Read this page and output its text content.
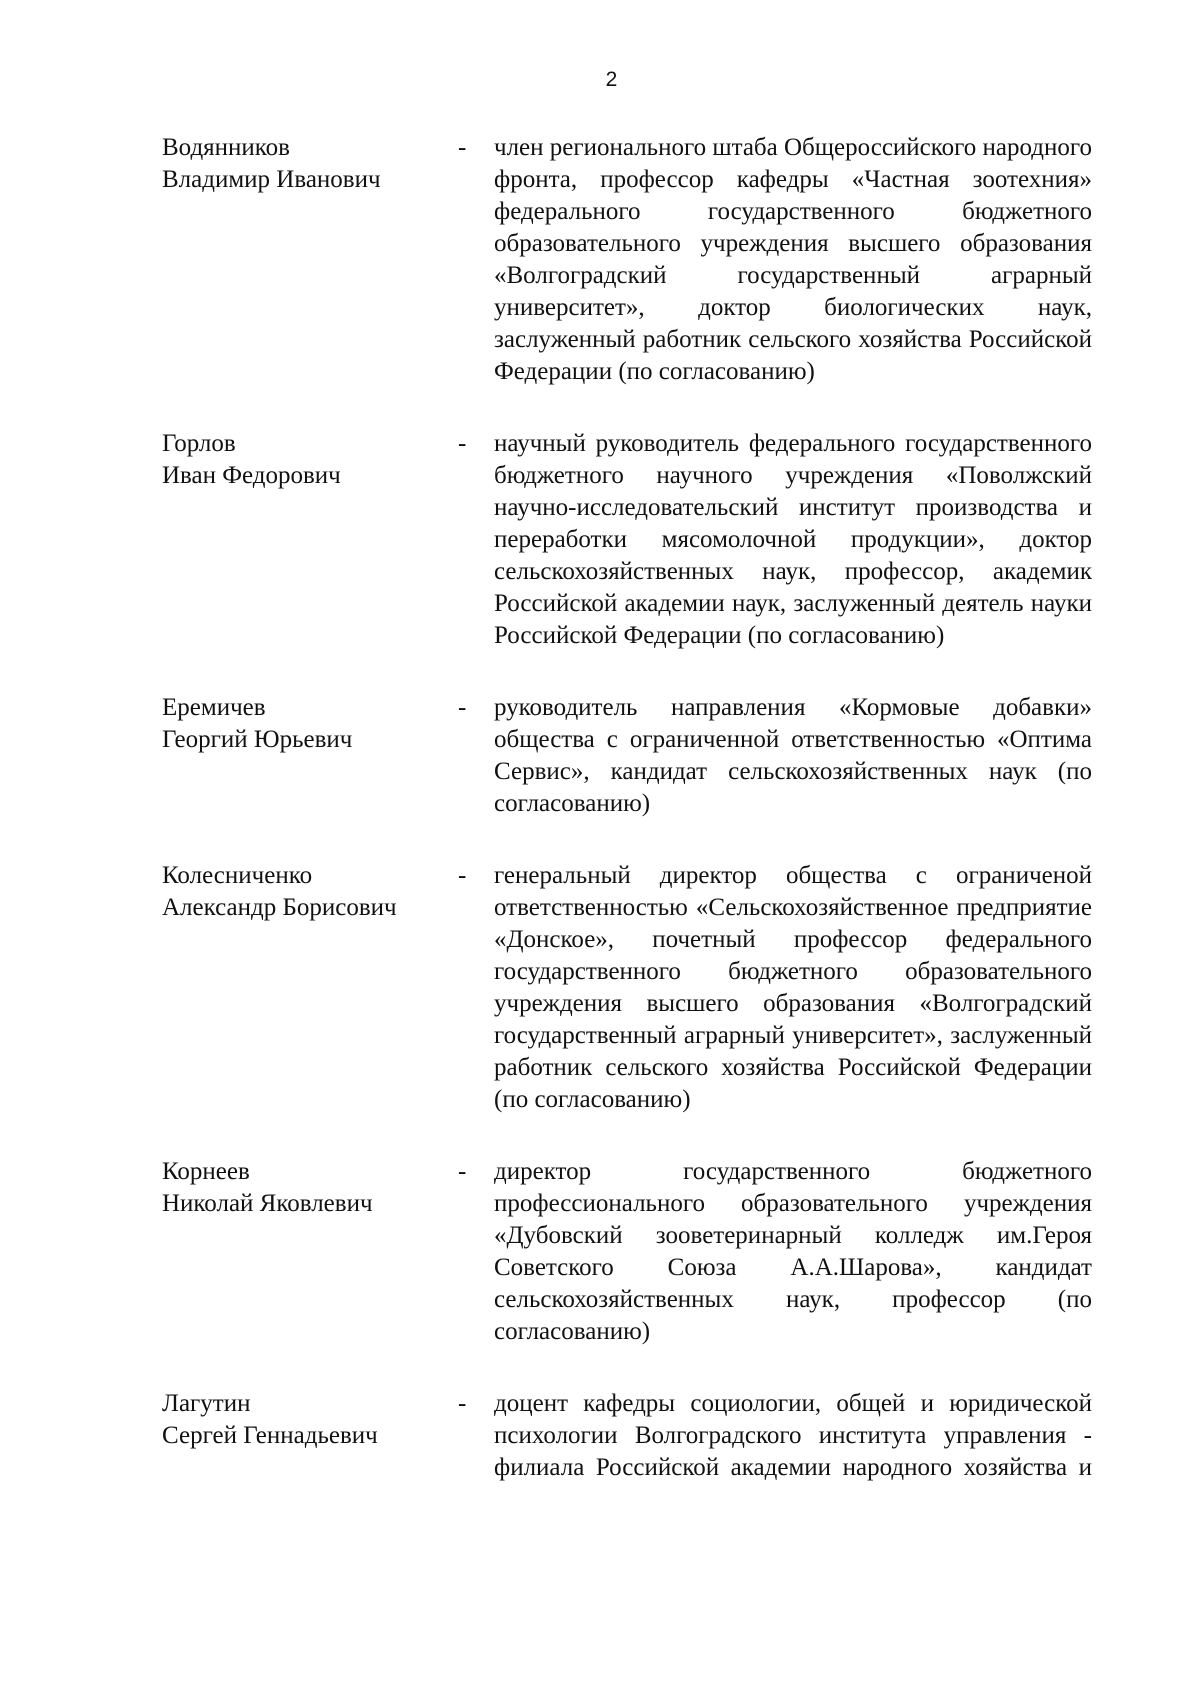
2
Водянников
Владимир Иванович
-	член регионального штаба Общероссийского народного фронта, профессор кафедры «Частная зоотехния» федерального государственного бюджетного образовательного учреждения высшего образования «Волгоградский государственный аграрный университет», доктор биологических наук, заслуженный работник сельского хозяйства Российской Федерации (по согласованию)
Горлов
Иван Федорович
-	научный руководитель федерального государственного бюджетного научного учреждения «Поволжский научно-исследовательский институт производства и переработки мясомолочной продукции», доктор сельскохозяйственных наук, профессор, академик Российской академии наук, заслуженный деятель науки Российской Федерации (по согласованию)
Еремичев
Георгий Юрьевич
-	руководитель направления «Кормовые добавки» общества с ограниченной ответственностью «Оптима Сервис», кандидат сельскохозяйственных наук (по согласованию)
Колесниченко
Александр Борисович
-	генеральный директор общества с ограниченой ответственностью «Сельскохозяйственное предприятие «Донское», почетный профессор федерального государственного бюджетного образовательного учреждения высшего образования «Волгоградский государственный аграрный университет», заслуженный работник сельского хозяйства Российской Федерации (по согласованию)
Корнеев
Николай Яковлевич
-	директор государственного бюджетного профессионального образовательного учреждения «Дубовский зооветеринарный колледж им.Героя Советского Союза А.А.Шарова», кандидат сельскохозяйственных наук, профессор (по согласованию)
Лагутин
Сергей Геннадьевич
-	доцент кафедры социологии, общей и юридической психологии Волгоградского института управления - филиала Российской академии народного хозяйства и
